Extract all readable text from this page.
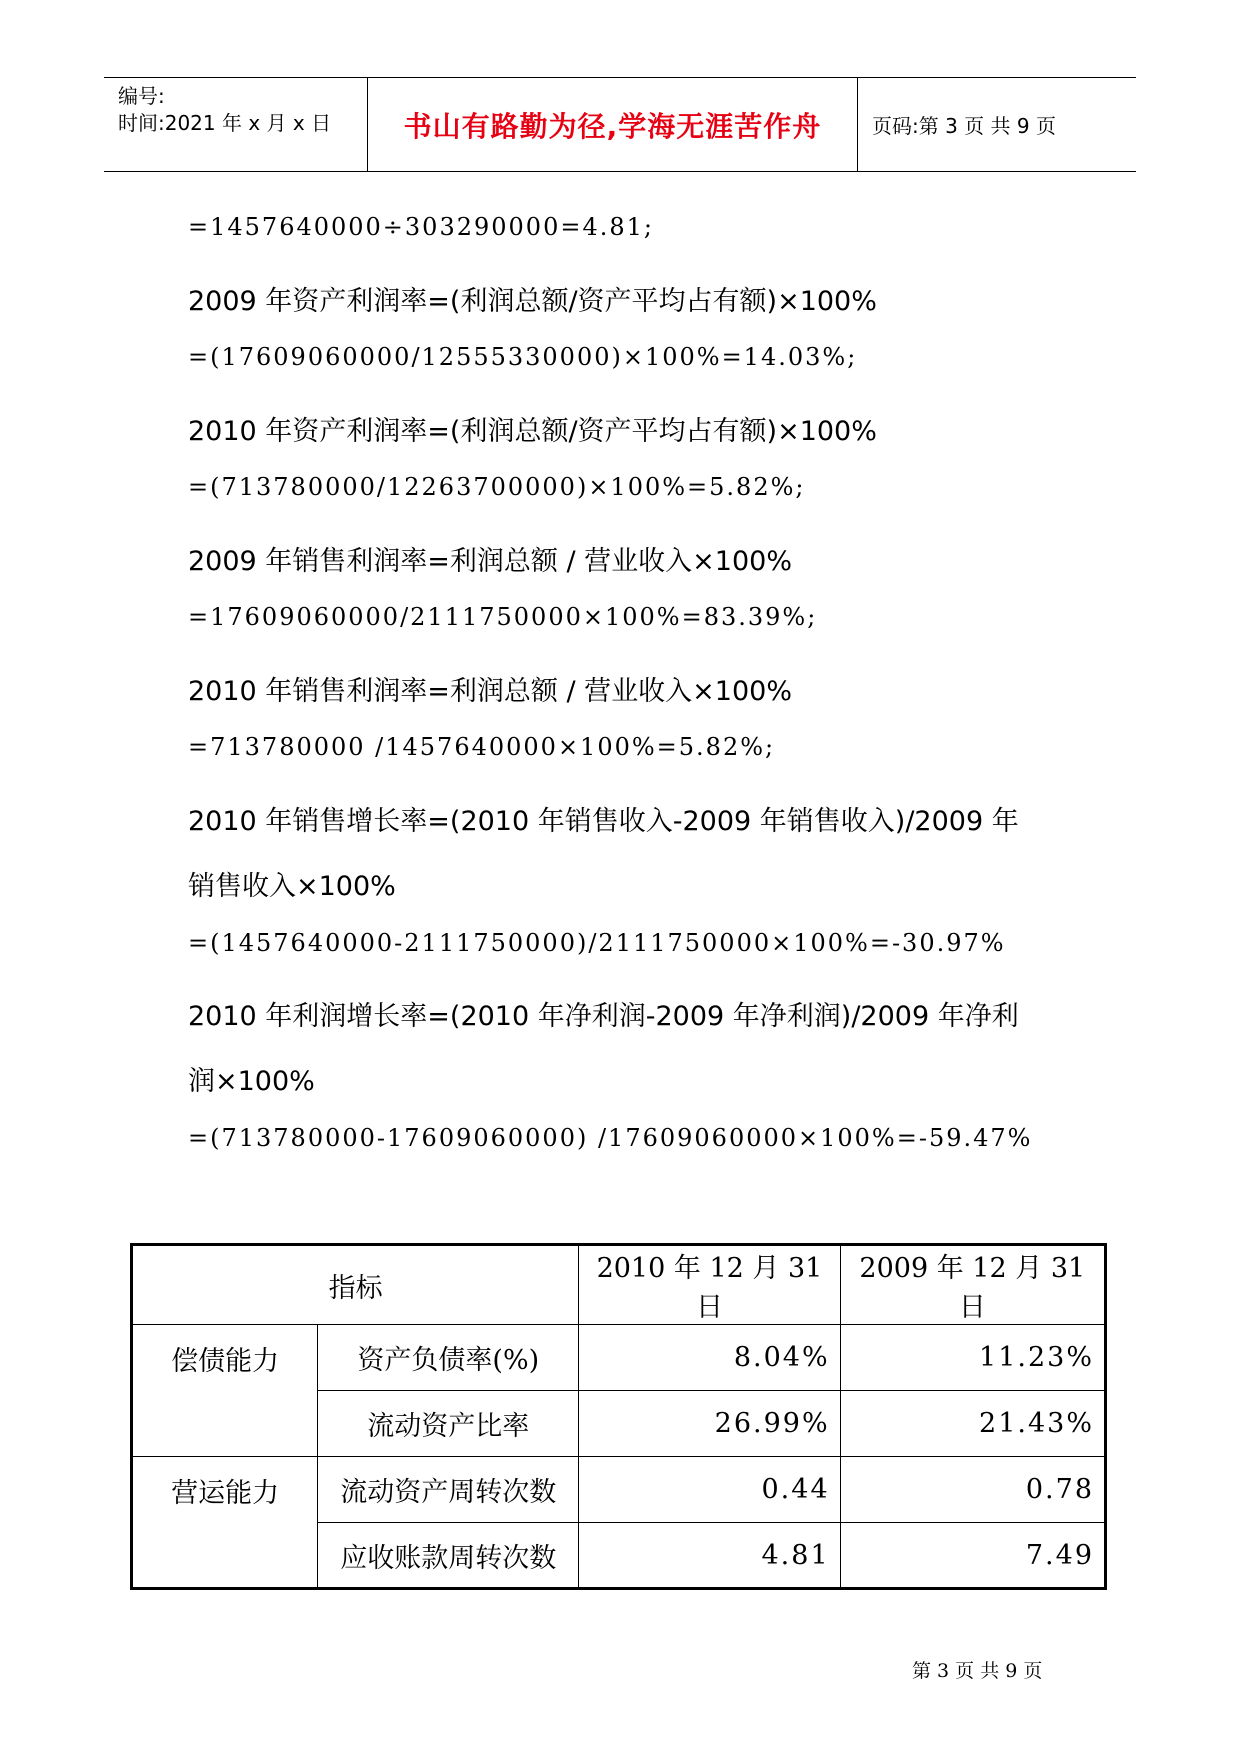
编号:
时间:2021 年 x 月 x 日	书山有路勤为径,学海无涯苦作舟	页码:第 3 页 共 9 页
=1457640000÷303290000=4.81;
2009 年资产利润率=(利润总额/资产平均占有额)×100%
=(17609060000/12555330000)×100%=14.03%;
2010 年资产利润率=(利润总额/资产平均占有额)×100%
=(713780000/12263700000)×100%=5.82%;
2009 年销售利润率=利润总额 / 营业收入×100%
=17609060000/2111750000×100%=83.39%;
2010 年销售利润率=利润总额 / 营业收入×100%
=713780000 /1457640000×100%=5.82%;
2010 年销售增长率=(2010 年销售收入-2009 年销售收入)/2009 年
销售收入×100%
=(1457640000-2111750000)/2111750000×100%=-30.97%
2010 年利润增长率=(2010 年净利润-2009 年净利润)/2009 年净利
润×100%
=(713780000-17609060000) /17609060000×100%=-59.47%
指标		2010 年 12 月 31 日	2009 年 12 月 31 日
偿债能力	资产负债率(%)	8.04%	11.23%
	流动资产比率	26.99%	21.43%
营运能力	流动资产周转次数	0.44	0.78
	应收账款周转次数	4.81	7.49
第 3 页 共 9 页
